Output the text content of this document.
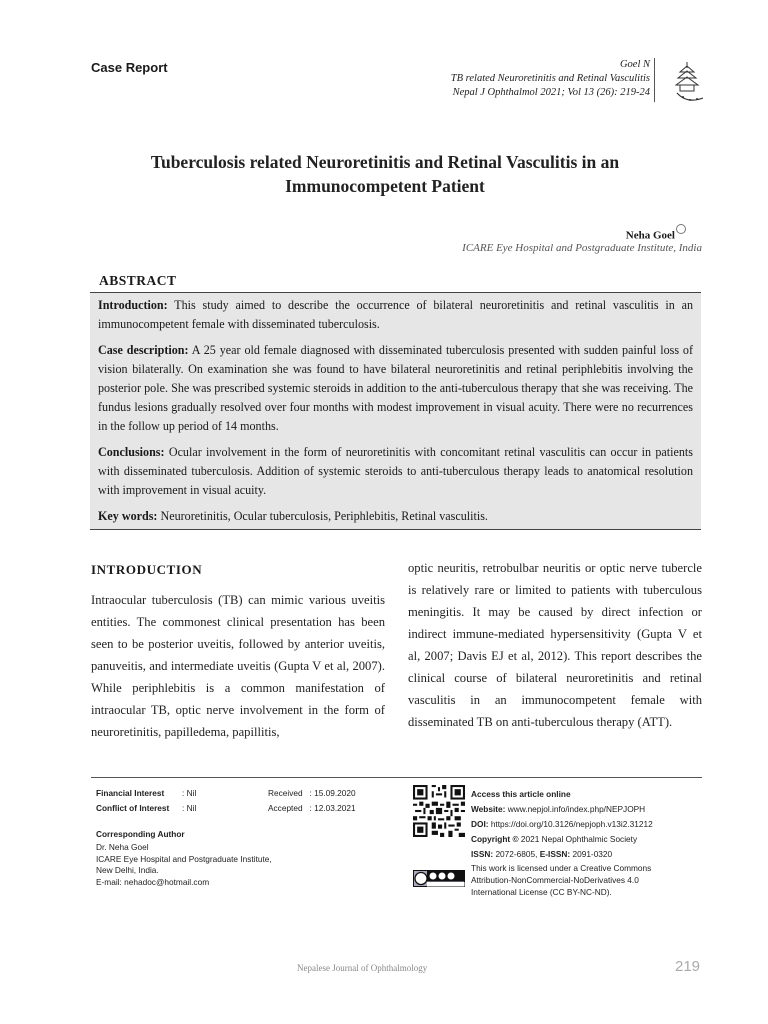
Case Report	Goel N
TB related Neuroretinitis and Retinal Vasculitis
Nepal J Ophthalmol 2021; Vol 13 (26): 219-24
Tuberculosis related Neuroretinitis and Retinal Vasculitis in an Immunocompetent Patient
Neha Goel
ICARE Eye Hospital and Postgraduate Institute, India
ABSTRACT

Introduction: This study aimed to describe the occurrence of bilateral neuroretinitis and retinal vasculitis in an immunocompetent female with disseminated tuberculosis.

Case description: A 25 year old female diagnosed with disseminated tuberculosis presented with sudden painful loss of vision bilaterally. On examination she was found to have bilateral neuroretinitis and retinal periphlebitis involving the posterior pole. She was prescribed systemic steroids in addition to the anti-tuberculous therapy that she was receiving. The fundus lesions gradually resolved over four months with modest improvement in visual acuity. There were no recurrences in the follow up period of 14 months.

Conclusions: Ocular involvement in the form of neuroretinitis with concomitant retinal vasculitis can occur in patients with disseminated tuberculosis. Addition of systemic steroids to anti-tuberculous therapy leads to anatomical resolution with improvement in visual acuity.

Key words: Neuroretinitis, Ocular tuberculosis, Periphlebitis, Retinal vasculitis.

INTRODUCTION
Intraocular tuberculosis (TB) can mimic various uveitis entities. The commonest clinical presentation has been seen to be posterior uveitis, followed by anterior uveitis, panuveitis, and intermediate uveitis (Gupta V et al, 2007). While periphlebitis is a common manifestation of intraocular TB, optic nerve involvement in the form of neuroretinitis, papilledema, papillitis,
optic neuritis, retrobulbar neuritis or optic nerve tubercle is relatively rare or limited to patients with tuberculous meningitis. It may be caused by direct infection or indirect immune-mediated hypersensitivity (Gupta V et al, 2007; Davis EJ et al, 2012). This report describes the clinical course of bilateral neuroretinitis and retinal vasculitis in an immunocompetent female with disseminated TB on anti-tuberculous therapy (ATT).
Financial Interest : Nil
Conflict of Interest : Nil
Received   : 15.09.2020
Accepted   : 12.03.2021
Corresponding Author
Dr. Neha Goel
ICARE Eye Hospital and Postgraduate Institute,
New Delhi, India.
E-mail: nehadoc@hotmail.com
Access this article online
Website: www.nepjol.info/index.php/NEPJOPH
DOI: https://doi.org/10.3126/nepjoph.v13i2.31212
Copyright © 2021 Nepal Ophthalmic Society
ISSN: 2072-6805, E-ISSN: 2091-0320
This work is licensed under a Creative Commons
Attribution-NonCommercial-NoDerivatives 4.0
International License (CC BY-NC-ND).
Nepalese Journal of Ophthalmology	219
